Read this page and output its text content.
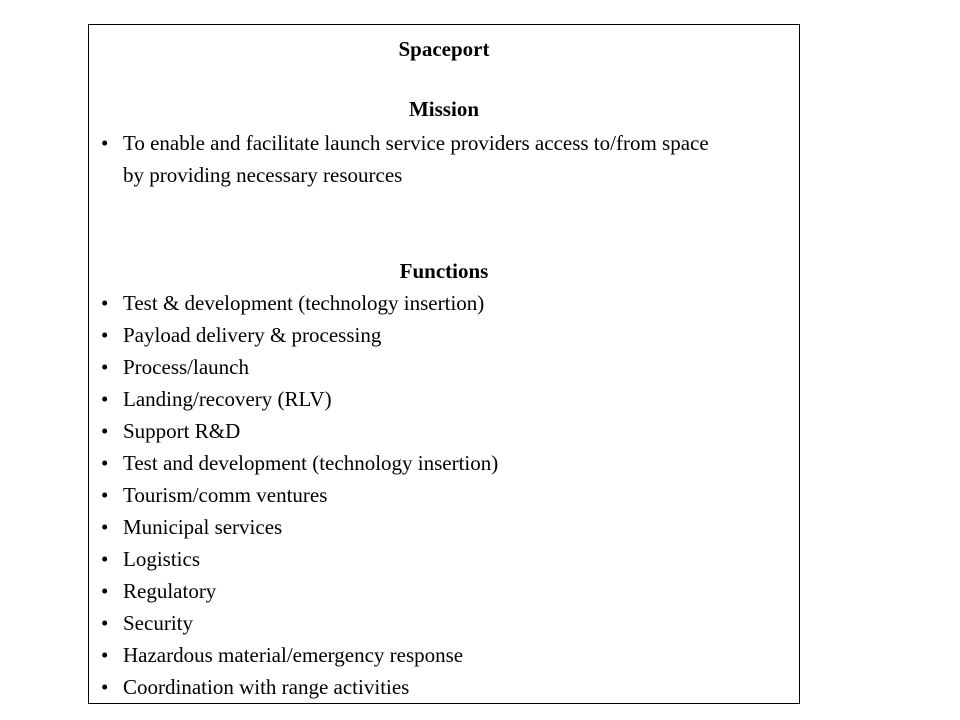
Spaceport
Mission
• To enable and facilitate launch service providers access to/from space by providing necessary resources
Functions
• Test & development (technology insertion)
• Payload delivery & processing
• Process/launch
• Landing/recovery (RLV)
• Support R&D
• Test and development (technology insertion)
• Tourism/comm ventures
• Municipal services
• Logistics
• Regulatory
• Security
• Hazardous material/emergency response
• Coordination with range activities
